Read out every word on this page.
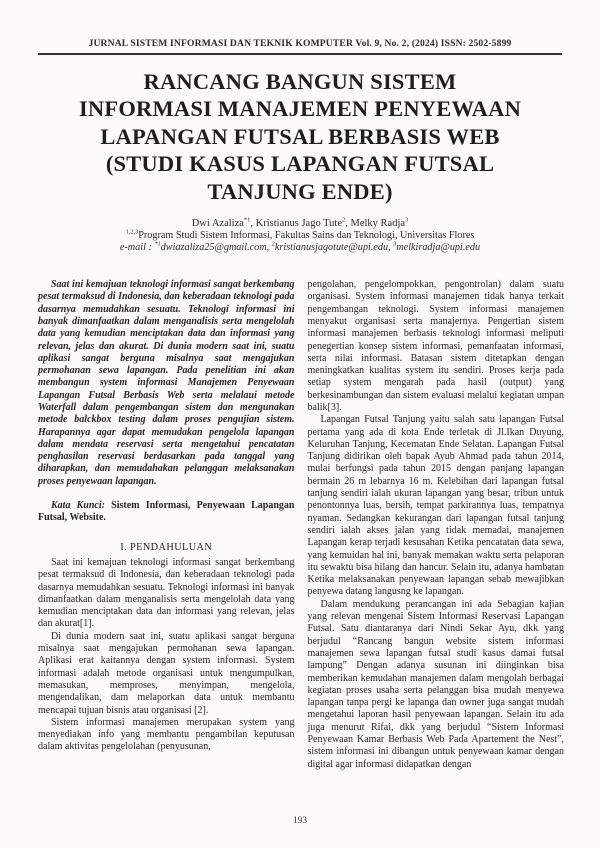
JURNAL SISTEM INFORMASI DAN TEKNIK KOMPUTER Vol. 9, No. 2, (2024) ISSN: 2502-5899
RANCANG BANGUN SISTEM
INFORMASI MANAJEMEN PENYEWAAN
LAPANGAN FUTSAL BERBASIS WEB
(STUDI KASUS LAPANGAN FUTSAL
TANJUNG ENDE)
Dwi Azaliza$^{*1}$, Kristianus Jago Tute$^2$, Melky Radja$^3$
$^{1,2,3}$Program Studi Sistem Informasi, Fakultas Sains dan Teknologi, Universitas Flores
e-mail : $^{*1}$dwiazaliza25@gmail.com, $^2$kristianusjagotute@upi.edu, $^3$melkiradja@upi.edu

Saat ini kemajuan teknologi informasi sangat berkembang pesat termaksud di Indonesia, dan keberadaan teknologi pada dasarnya memudahkan sesuatu. Teknologi informasi ini banyak dimanfaatkan dalam menganalisis serta mengelolah data yang kemudian menciptakan data dan informasi yang relevan, jelas dan akurat. Di dunia modern saat ini, suatu aplikasi sangat berguna misalnya saat mengajukan permohanan sewa lapangan. Pada penelitian ini akan membangun system informasi Manajemen Penyewaan Lapangan Futsal Berbasis Web serta melalaui metode Waterfall dalam pengembangan sistem dan mengunakan metode balckbox testing dalam proses pengujian sistem. Harapannya agar dapat memudakan pengelola lapangan dalam mendata reservasi serta mengetahui pencatatan penghasilan reservasi berdasarkan pada tanggal yang diharapkan, dan memudahakan pelanggan melaksanakan proses penyewaan lapangan.

Kata Kunci: Sistem Informasi, Penyewaan Lapangan Futsal, Website.

I. PENDAHULUAN

Saat ini kemajuan teknologi informasi sangat berkembang pesat termaksud di Indonesia, dan keberadaan teknologi pada dasarnya memudahkan sesuatu. Teknologi informasi ini banyak dimanfaatkan dalam menganalisis serta mengelolah data yang kemudian menciptakan data dan informasi yang relevan, jelas dan akurat[1].

Di dunia modern saat ini, suatu aplikasi sangat berguna misalnya saat mengajukan permohanan sewa lapangan. Aplikasi erat kaitannya dengan system informasi. System informasi adalah metode organisasi untuk mengumpulkan, memasukan, memproses, menyimpan, mengelola, mengendalikan, dam melaporkan data untuk membantu mencapai tujuan bisnis atau organisasi [2].

Sistem informasi manajemen merupakan system yang menyediakan info yang membantu pengambilan keputusan dalam aktivitas pengelolahan (penyusunan,

pengolahan, pengelompokkan, pengontrolan) dalam suatu organisasi. System informasi manajemen tidak hanya terkait pengembangan teknologi. System informasi manajemen menyakut organisasi serta manajernya. Pengertian sistem informasi manajemen berbasis teknologi informasi meliputi penegertian konsep sistem informasi, pemanfaatan informasi, serta nilai informasi. Batasan sistem ditetapkan dengan meningkatkan kualitas system itu sendiri. Proses kerja pada setiap system mengarah pada hasil (output) yang berkesinambungan dan sistem evaluasi melalui kegiatan umpan balik[3].

Lapangan Futsal Tanjung yaitu salah satu lapangan Futsal pertama yang ada di kota Ende terletak di Jl.Ikan Duyung, Keluruhan Tanjung, Kecematan Ende Selatan. Lapangan Futsal Tanjung didirikan oleh bapak Ayub Ahmad pada tahun 2014, mulai berfungsi pada tahun 2015 dengan panjang lapangan bermain 26 m lebarnya 16 m. Kelebihan dari lapangan futsal tanjung sendiri ialah ukuran lapangan yang besar, tribun untuk penontonnya luas, bersih, tempat parkirannya luas, tempatnya nyaman. Sedangkan kekurangan dari lapangan futsal tanjung sendiri ialah akses jalan yang tidak memadai, manajemen Lapangan kerap terjadi kesusahan Ketika pencatatan data sewa, yang kemuidan hal ini, banyak memakan waktu serta pelaporan itu sewaktu bisa hilang dan hancur. Selain itu, adanya hambatan Ketika melaksanakan penyewaan lapangan sebab mewajibkan penyewa datang langusng ke lapangan.

Dalam mendukung perancangan ini ada Sebagian kajian yang relevan mengenai Sistem Informasi Reservasi Lapangan Futsal. Satu diantaranya dari Nindi Sekar Ayu, dkk yang berjudul “Rancang bangun website sistem informasi manajemen sewa lapangan futsal studi kasus damai futsal lampung” Dengan adanya susunan ini diinginkan bisa memberikan kemudahan manajemen dalam mengolah berbagai kegiatan proses usaha serta pelanggan bisa mudah menyewa lapangan tanpa pergi ke lapanga dan owner juga sangat mudah mengetahui laporan hasil penyewaan lapangan. Selain itu ada juga menurut Rifai, dkk yang berjudul “Sistem Informasi Penyewaan Kamar Berbasis Web Pada Apartement the Nest”, sistem informasi ini dibangun untuk penyewaan kamar dengan digital agar informasi didapatkan dengan

193
